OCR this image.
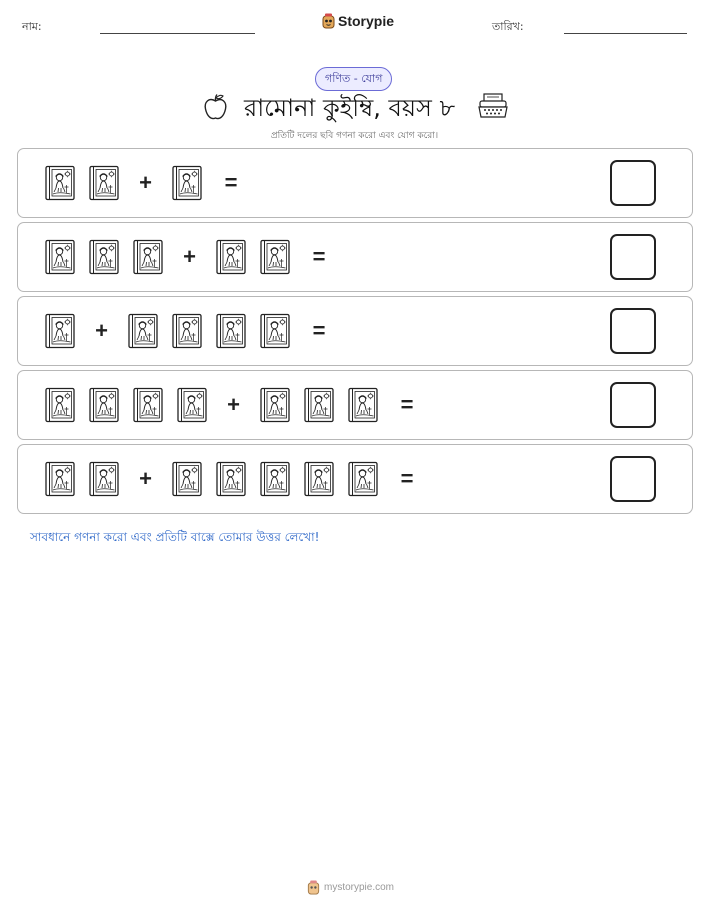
নাম:	Storypie	তারিখ:
গণিত - যোগ
রামোনা কুইম্বি, বয়স ৮
প্রতিটি দলের ছবি গণনা করো এবং যোগ করো।
+	=
+	=
+	=
+	=
+	=
সাবধানে গণনা করো এবং প্রতিটি বাক্সে তোমার উত্তর লেখো!
mystorypie.com
